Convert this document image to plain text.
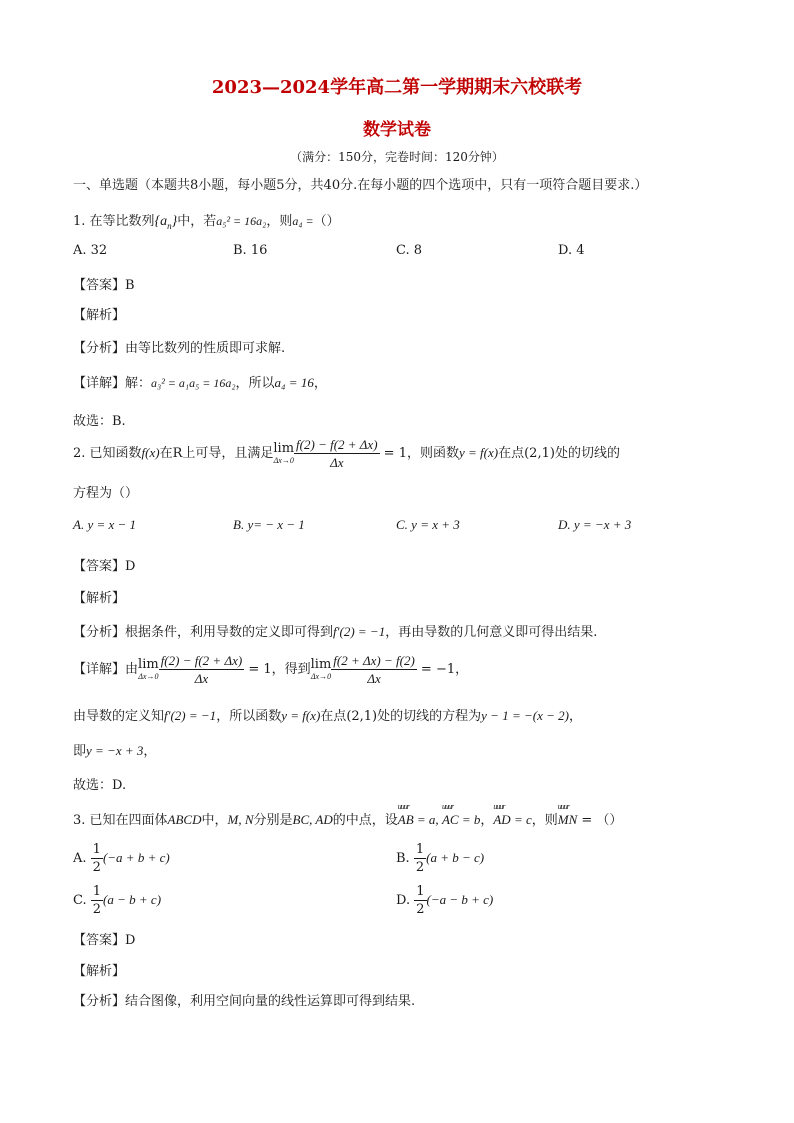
2023—2024学年高二第一学期期末六校联考
数学试卷
（满分：150分，完卷时间：120分钟）
一、单选题（本题共8小题，每小题5分，共40分.在每小题的四个选项中，只有一项符合题目要求.）
1. 在等比数列$\{a_n\}$中，若a₅² = 16a₂，则a₄ =（）
A. 32	B. 16	C. 8	D. 4
【答案】B
【解析】
【分析】由等比数列的性质即可求解.
【详解】解：a₃² = a₁a₅ = 16a₂，所以a₄ = 16，
故选：B.
2. 已知函数f(x)在R上可导，且满足lim
$\Delta x\to 0 \frac{f(2) - f(2 + \Delta x)}{\Delta x} = 1$，则函数y = f(x)在点(2,1)处的切线的
方程为（）
A. y = x − 1	B. y= − x − 1	C. y = x + 3	D. y = −x + 3
【答案】D
【解析】
【分析】根据条件，利用导数的定义即可得到f′(2) = −1，再由导数的几何意义即可得出结果.
【详解】由lim
$\Delta x\to 0 \frac{f(2) - f(2 + \Delta x)}{\Delta x} = 1$，得到lim
$\Delta x\to 0 \frac{f(2 + \Delta x) - f(2)}{\Delta x} = -1$，
由导数的定义知f′(2) = −1，所以函数y = f(x)在点(2,1)处的切线的方程为y − 1 = −(x − 2)，
即y = −x + 3，
故选：D.
3. 已知在四面体ABCD中，M, N分别是BC, AD的中点，设uuur AB = a, uuur AC = b，uuur AD = c，则uuur MN = （）
A. $\frac{1}{2} (-a + b + c)$	B. $\frac{1}{2} (a + b - c)$
C. $\frac{1}{2} (a - b + c)$	D. $\frac{1}{2} (-a - b + c)$
【答案】D
【解析】
【分析】结合图像，利用空间向量的线性运算即可得到结果.
